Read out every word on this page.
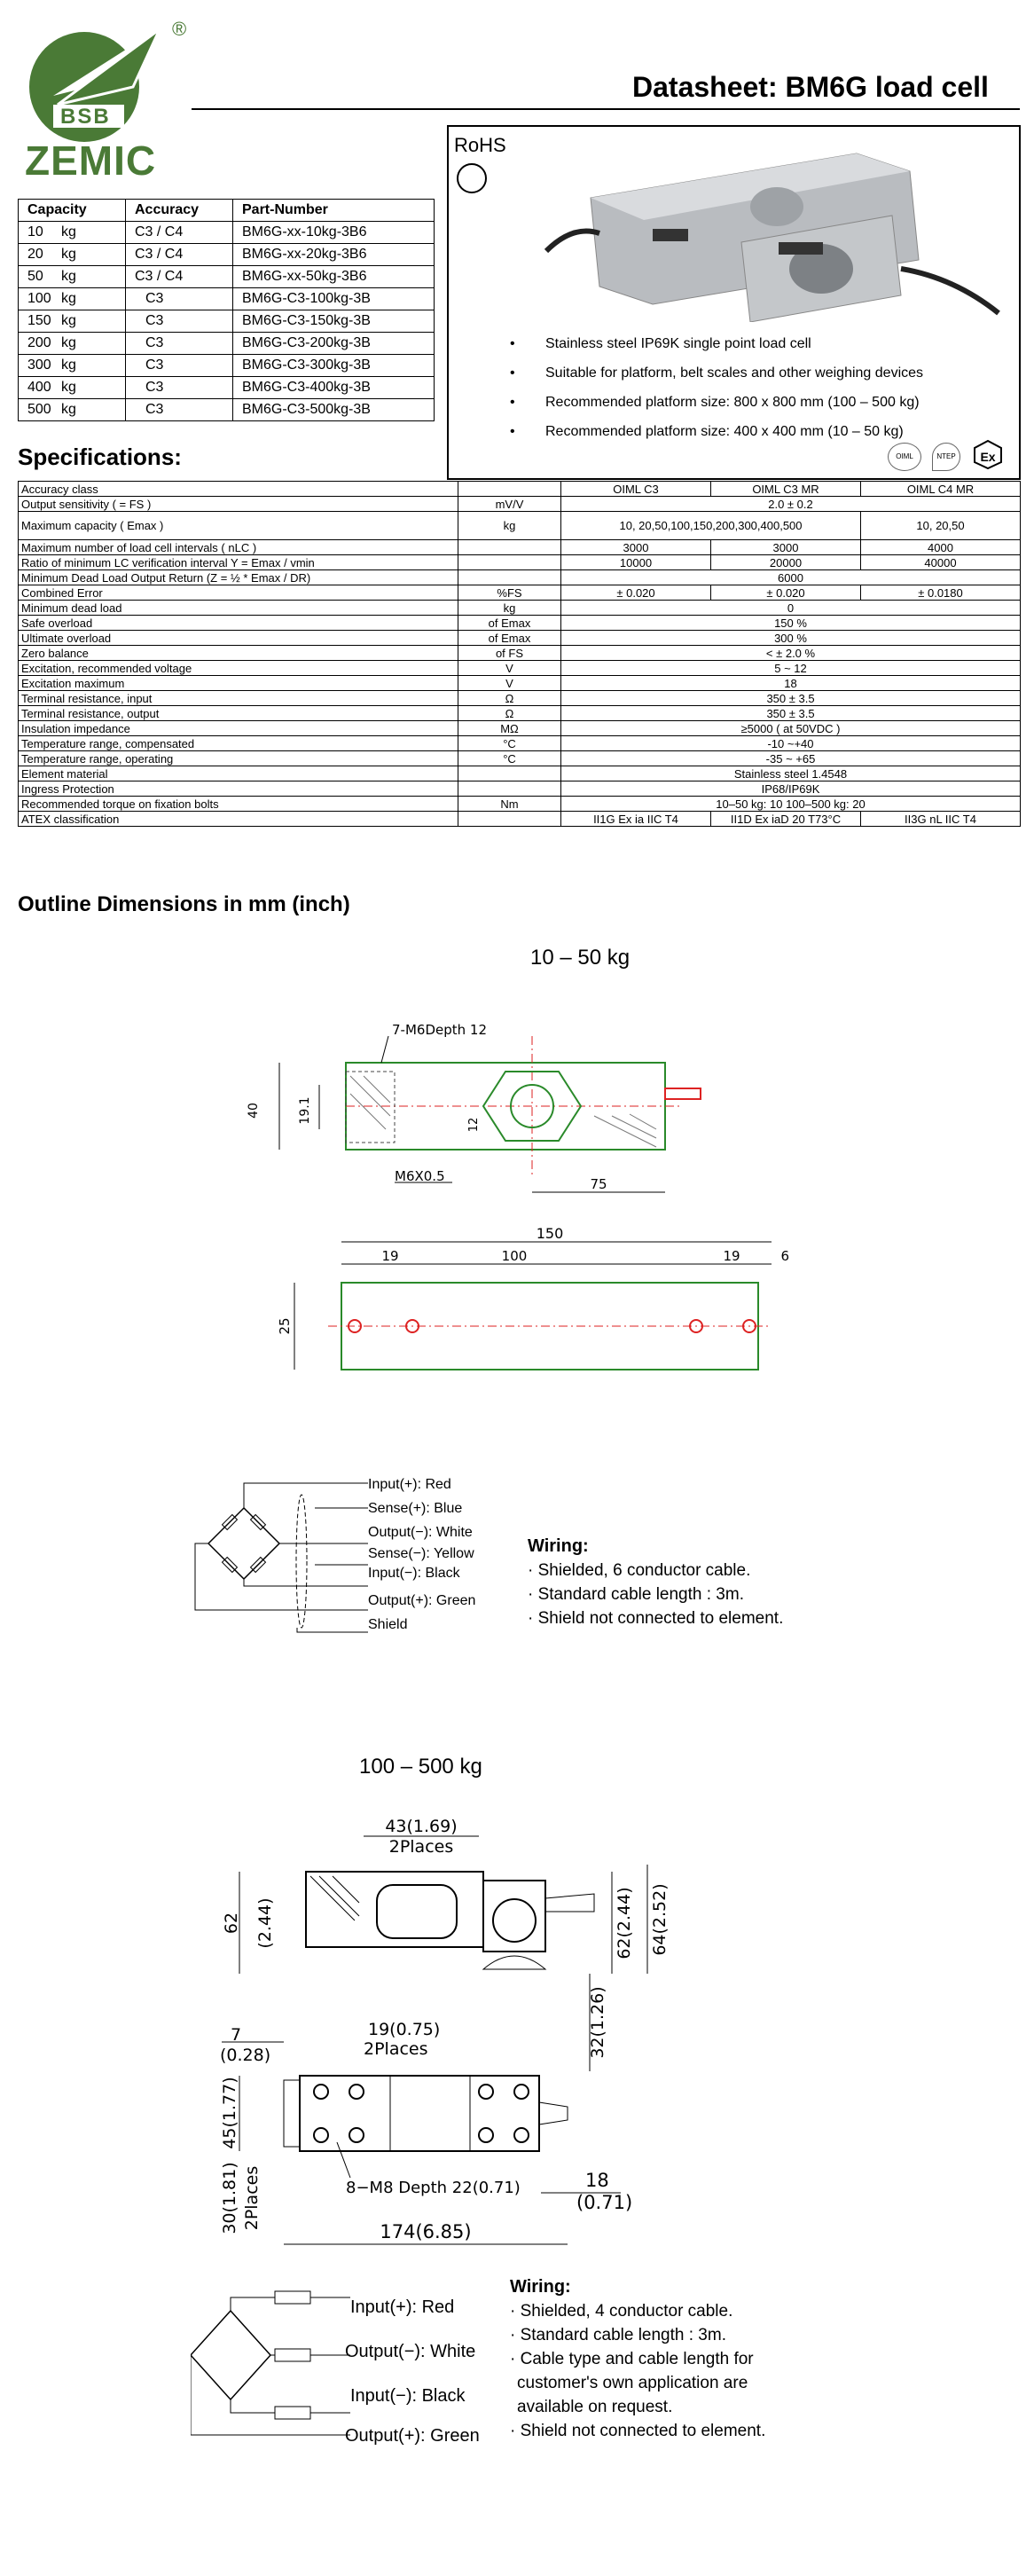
BSB
®
ZEMIC
Datasheet: BM6G load cell
Capacity	Accuracy	Part-Number
10 kg	C3 / C4	BM6G-xx-10kg-3B6
20 kg	C3 / C4	BM6G-xx-20kg-3B6
50 kg	C3 / C4	BM6G-xx-50kg-3B6
100 kg	C3	BM6G-C3-100kg-3B
150 kg	C3	BM6G-C3-150kg-3B
200 kg	C3	BM6G-C3-200kg-3B
300 kg	C3	BM6G-C3-300kg-3B
400 kg	C3	BM6G-C3-400kg-3B
500 kg	C3	BM6G-C3-500kg-3B
RoHS
• Stainless steel IP69K single point load cell
• Suitable for platform, belt scales and other weighing devices
• Recommended platform size: 800 x 800 mm (100 – 500 kg)
• Recommended platform size: 400 x 400 mm (10 – 50 kg)
OIML	NTEP	Ex
Specifications:
Accuracy class		OIML C3	OIML C3 MR	OIML C4 MR
Output sensitivity ( = FS )	mV/V	2.0 ± 0.2		
Maximum capacity ( Emax )	kg	10, 20,50,100,150,200,300,400,500		10, 20,50
Maximum number of load cell intervals ( nLC )		3000	3000	4000
Ratio of minimum LC verification interval Y = Emax / vmin		10000	20000	40000
Minimum Dead Load Output Return (Z = ½ * Emax / DR)		6000		
Combined Error	%FS	± 0.020	± 0.020	± 0.0180
Minimum dead load	kg	0		
Safe overload	of Emax	150 %		
Ultimate overload	of Emax	300 %		
Zero balance	of FS	< ± 2.0 %		
Excitation, recommended voltage	V	5 ~ 12		
Excitation maximum	V	18		
Terminal resistance, input	Ω	350 ± 3.5		
Terminal resistance, output	Ω	350 ± 3.5		
Insulation impedance	MΩ	≥5000 ( at 50VDC )		
Temperature range, compensated	°C	-10 ~+40		
Temperature range, operating	°C	-35 ~ +65		
Element material		Stainless steel 1.4548		
Ingress Protection		IP68/IP69K		
Recommended torque on fixation bolts	Nm	10–50 kg: 10 100–500 kg: 20		
ATEX classification		II1G Ex ia IIC T4	II1D Ex iaD 20 T73°C	II3G nL IIC T4
Outline Dimensions in mm (inch)
10 – 50 kg
40	19.1
7-M6Depth 12
12
M6X0.5	75
150
19	100	19	6
25
Input(+): Red
Sense(+): Blue
Output(−): White
Sense(−): Yellow
Input(−): Black
Output(+): Green
Shield
Wiring:
· Shielded, 6 conductor cable.
· Standard cable length : 3m.
· Shield not connected to element.
100 – 500 kg
43(1.69)
2Places
62 (2.44)	62(2.44) 64(2.52)
32(1.26)
7
(0.28)
19(0.75)
2Places
45(1.77)
30(1.81) 2Places	8−M8 Depth 22(0.71)	18
(0.71)
174(6.85)
Input(+): Red
Output(−): White
Input(−): Black
Output(+): Green
Wiring:
· Shielded, 4 conductor cable.
· Standard cable length : 3m.
· Cable type and cable length for
customer's own application are
available on request.
· Shield not connected to element.
